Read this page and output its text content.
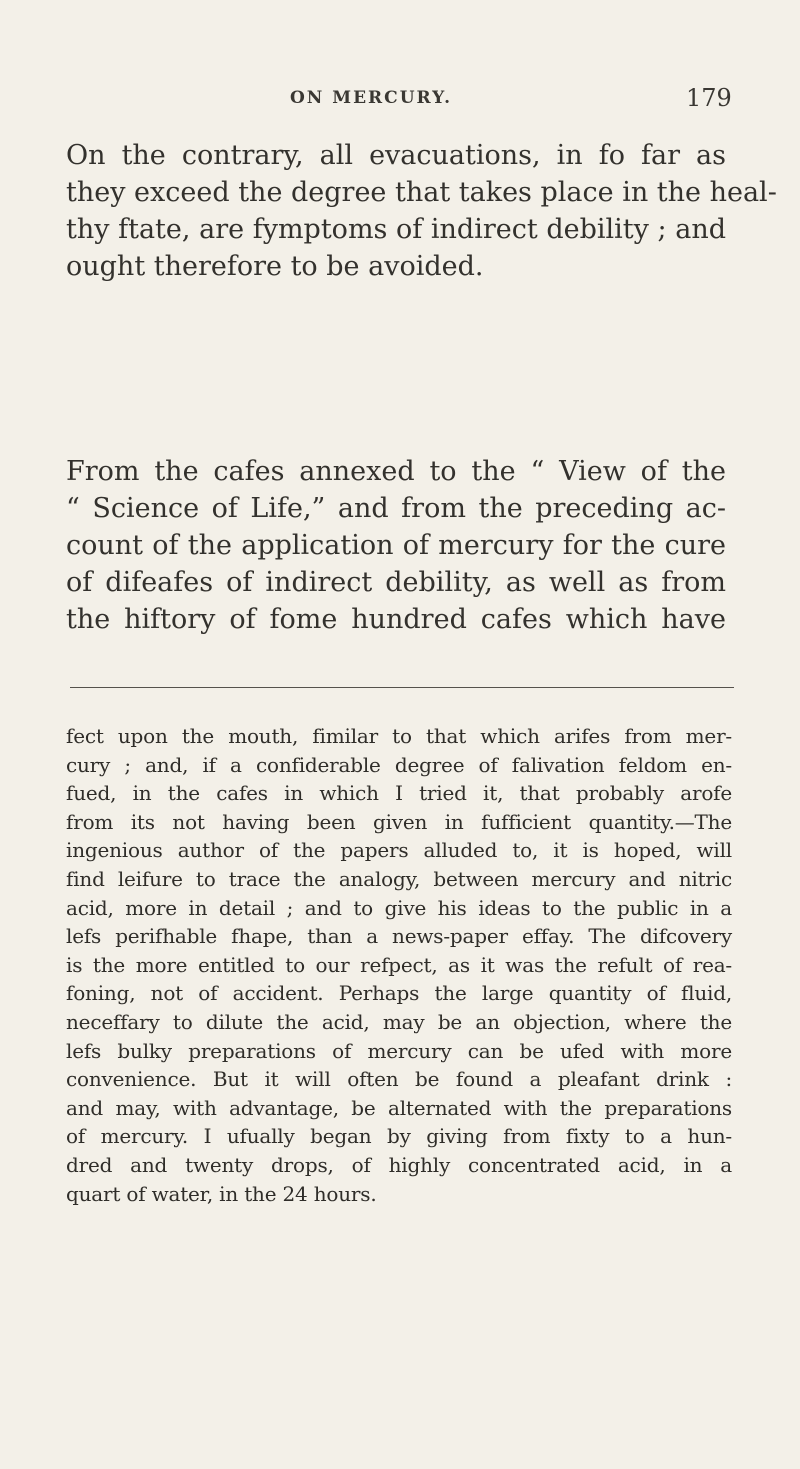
ON MERCURY.	179
On the contrary, all evacuations, in fo far as
they exceed the degree that takes place in the heal-
thy ftate, are fymptoms of indirect debility ; and
ought therefore to be avoided.
From the cafes annexed to the “ View of the
“ Science of Life,” and from the preceding ac-
count of the application of mercury for the cure
of difeafes of indirect debility, as well as from
the hiftory of fome hundred cafes which have
fect upon the mouth, fimilar to that which arifes from mer-
cury ; and, if a confiderable degree of falivation feldom en-
fued, in the cafes in which I tried it, that probably arofe
from its not having been given in fufficient quantity.—The
ingenious author of the papers alluded to, it is hoped, will
find leifure to trace the analogy, between mercury and nitric
acid, more in detail ; and to give his ideas to the public in a
lefs perifhable fhape, than a news-paper effay. The difcovery
is the more entitled to our refpect, as it was the refult of rea-
foning, not of accident. Perhaps the large quantity of fluid,
neceffary to dilute the acid, may be an objection, where the
lefs bulky preparations of mercury can be ufed with more
convenience. But it will often be found a pleafant drink :
and may, with advantage, be alternated with the preparations
of mercury. I ufually began by giving from fixty to a hun-
dred and twenty drops, of highly concentrated acid, in a
quart of water, in the 24 hours.
